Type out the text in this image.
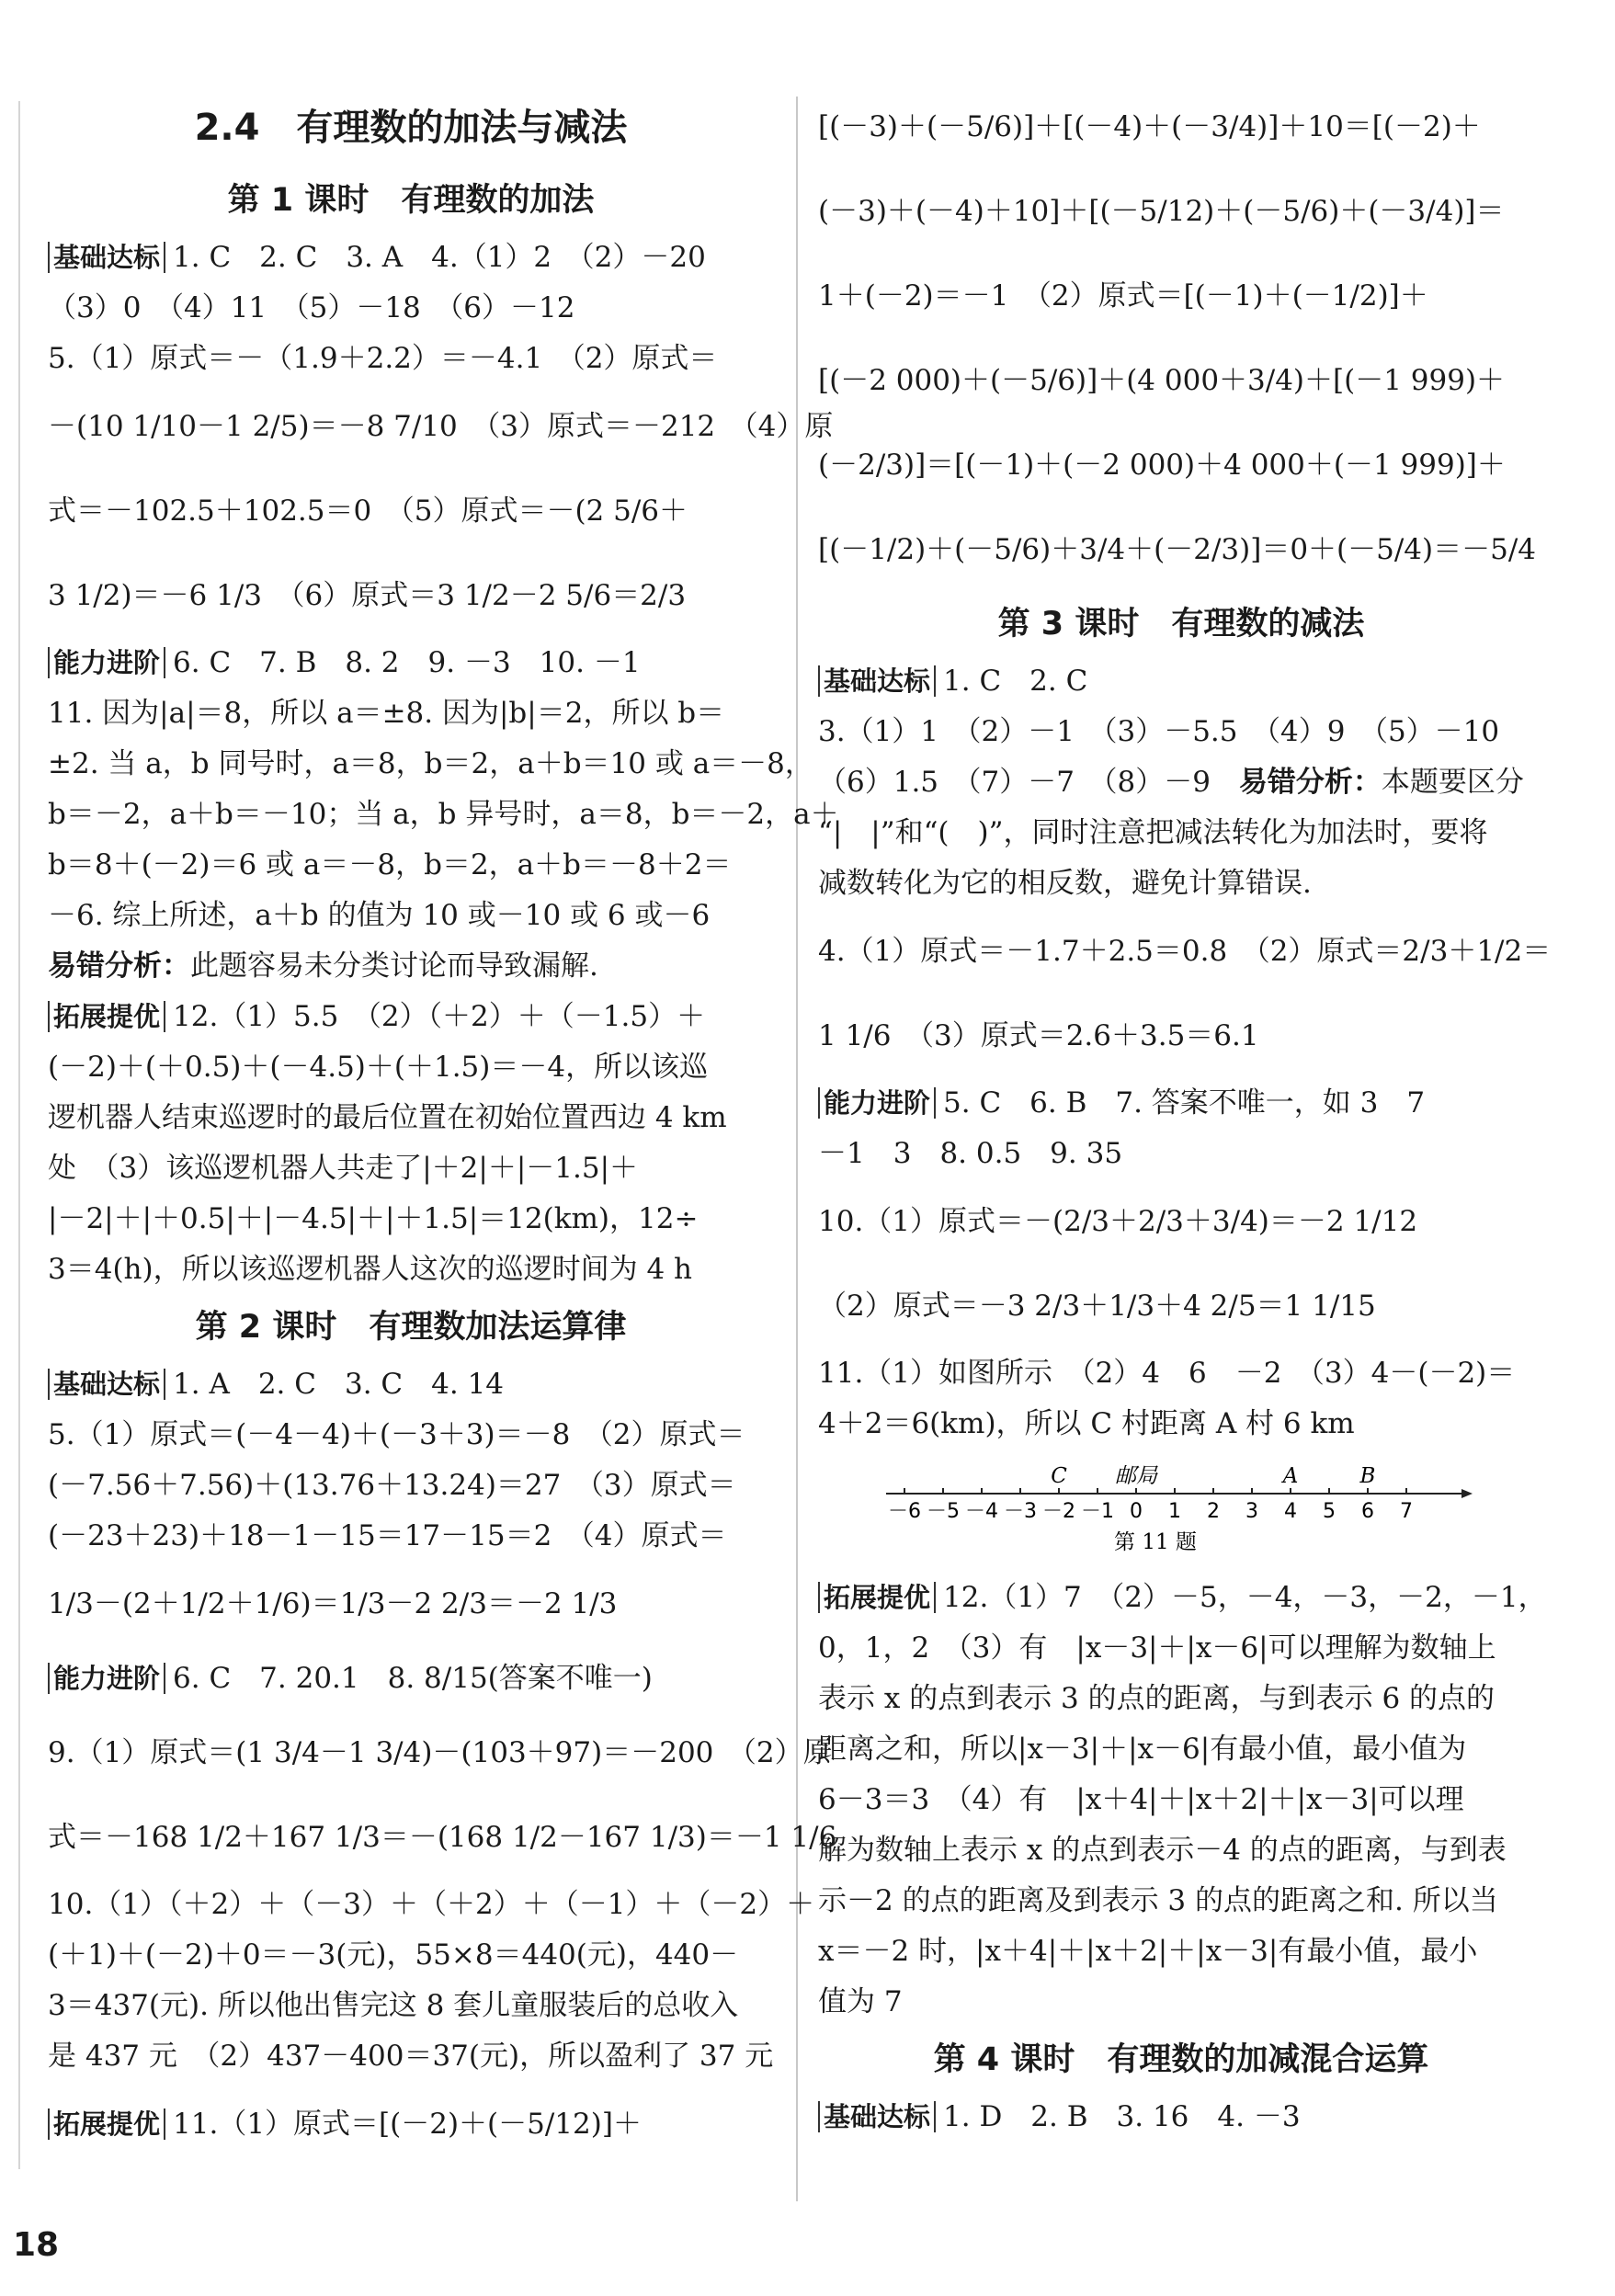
2.4　有理数的加法与减法
第 1 课时　有理数的加法
基础达标 1. C　2. C　3. A　4.（1）2　（2）－20
（3）0　（4）11　（5）－18　（6）－12
5.（1）原式＝－（1.9＋2.2）＝－4.1　（2）原式＝
－(10 1/10－1 2/5)＝－8 7/10　（3）原式＝－212　（4）原
式＝－102.5＋102.5＝0　（5）原式＝－(2 5/6＋
3 1/2)＝－6 1/3　（6）原式＝3 1/2－2 5/6＝2/3
能力进阶 6. C　7. B　8. 2　9. －3　10. －1
11. 因为|a|＝8，所以 a＝±8. 因为|b|＝2，所以 b＝
±2. 当 a，b 同号时，a＝8，b＝2，a＋b＝10 或 a＝－8，
b＝－2，a＋b＝－10；当 a，b 异号时，a＝8，b＝－2，a＋
b＝8＋(－2)＝6 或 a＝－8，b＝2，a＋b＝－8＋2＝
－6. 综上所述，a＋b 的值为 10 或－10 或 6 或－6
易错分析：此题容易未分类讨论而导致漏解.
拓展提优 12.（1）5.5　（2）（＋2）＋（－1.5）＋
(－2)＋(＋0.5)＋(－4.5)＋(＋1.5)＝－4，所以该巡
逻机器人结束巡逻时的最后位置在初始位置西边 4 km
处　（3）该巡逻机器人共走了|＋2|＋|－1.5|＋
|－2|＋|＋0.5|＋|－4.5|＋|＋1.5|＝12(km)，12÷
3＝4(h)，所以该巡逻机器人这次的巡逻时间为 4 h
第 2 课时　有理数加法运算律
基础达标 1. A　2. C　3. C　4. 14
5.（1）原式＝(－4－4)＋(－3＋3)＝－8　（2）原式＝
(－7.56＋7.56)＋(13.76＋13.24)＝27　（3）原式＝
(－23＋23)＋18－1－15＝17－15＝2　（4）原式＝
1/3－(2＋1/2＋1/6)＝1/3－2 2/3＝－2 1/3
能力进阶 6. C　7. 20.1　8. 8/15(答案不唯一)
9.（1）原式＝(1 3/4－1 3/4)－(103＋97)＝－200　（2）原
式＝－168 1/2＋167 1/3＝－(168 1/2－167 1/3)＝－1 1/6
10.（1）（＋2）＋（－3）＋（＋2）＋（－1）＋（－2）＋
(＋1)＋(－2)＋0＝－3(元)，55×8＝440(元)，440－
3＝437(元). 所以他出售完这 8 套儿童服装后的总收入
是 437 元　（2）437－400＝37(元)，所以盈利了 37 元
拓展提优 11.（1）原式＝[(－2)＋(－5/12)]＋
[(－3)＋(－5/6)]＋[(－4)＋(－3/4)]＋10＝[(－2)＋
(－3)＋(－4)＋10]＋[(－5/12)＋(－5/6)＋(－3/4)]＝
1＋(－2)＝－1　（2）原式＝[(－1)＋(－1/2)]＋
[(－2 000)＋(－5/6)]＋(4 000＋3/4)＋[(－1 999)＋
(－2/3)]＝[(－1)＋(－2 000)＋4 000＋(－1 999)]＋
[(－1/2)＋(－5/6)＋3/4＋(－2/3)]＝0＋(－5/4)＝－5/4
第 3 课时　有理数的减法
基础达标 1. C　2. C
3.（1）1　（2）－1　（3）－5.5　（4）9　（5）－10
（6）1.5　（7）－7　（8）－9　易错分析：本题要区分
“|　|”和“(　)”，同时注意把减法转化为加法时，要将
减数转化为它的相反数，避免计算错误.
4.（1）原式＝－1.7＋2.5＝0.8　（2）原式＝2/3＋1/2＝
1 1/6　（3）原式＝2.6＋3.5＝6.1
能力进阶 5. C　6. B　7. 答案不唯一，如 3　7
－1　3　8. 0.5　9. 35
10.（1）原式＝－(2/3＋2/3＋3/4)＝－2 1/12
（2）原式＝－3 2/3＋1/3＋4 2/5＝1 1/15
11.（1）如图所示　（2）4　6　－2　（3）4－(－2)＝
4＋2＝6(km)，所以 C 村距离 A 村 6 km
－6 －5 －4 －3 －2 －1 0 1 2 3 4 5 6 7
C 邮局	A	B
第 11 题
拓展提优 12.（1）7　（2）－5，－4，－3，－2，－1，
0，1，2　（3）有　|x－3|＋|x－6|可以理解为数轴上
表示 x 的点到表示 3 的点的距离，与到表示 6 的点的
距离之和，所以|x－3|＋|x－6|有最小值，最小值为
6－3＝3　（4）有　|x＋4|＋|x＋2|＋|x－3|可以理
解为数轴上表示 x 的点到表示－4 的点的距离，与到表
示－2 的点的距离及到表示 3 的点的距离之和. 所以当
x＝－2 时，|x＋4|＋|x＋2|＋|x－3|有最小值，最小
值为 7
第 4 课时　有理数的加减混合运算
基础达标 1. D　2. B　3. 16　4. －3
18
